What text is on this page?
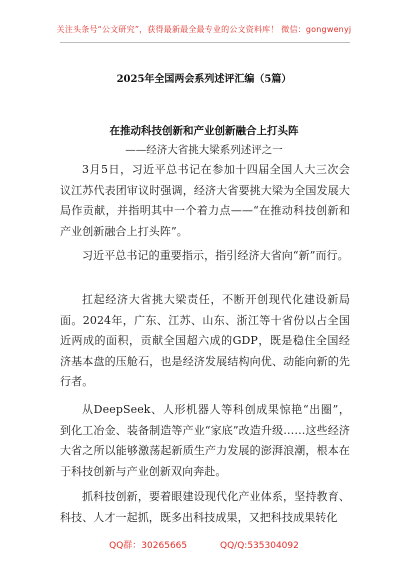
关注头条号“公文研究”，获得最新最全最专业的公文资料库！ 微信：gongwenyj
2025年全国两会系列述评汇编（5篇）
在推动科技创新和产业创新融合上打头阵
——经济大省挑大梁系列述评之一

3月5日，习近平总书记在参加十四届全国人大三次会议江苏代表团审议时强调，经济大省要挑大梁为全国发展大局作贡献，并指明其中一个着力点——“在推动科技创新和产业创新融合上打头阵”。

习近平总书记的重要指示，指引经济大省向“新”而行。

扛起经济大省挑大梁责任，不断开创现代化建设新局面。2024年，广东、江苏、山东、浙江等十省份以占全国近两成的面积，贡献全国超六成的GDP，既是稳住全国经济基本盘的压舱石，也是经济发展结构向优、动能向新的先行者。

从DeepSeek、人形机器人等科创成果惊艳“出圈”，到化工冶金、装备制造等产业“家底”改造升级……这些经济大省之所以能够激荡起新质生产力发展的澎湃浪潮，根本在于科技创新与产业创新双向奔赴。

抓科技创新，要着眼建设现代化产业体系，坚持教育、科技、人才一起抓，既多出科技成果，又把科技成果转化

QQ群：30265665	QQ/Q:535304092
